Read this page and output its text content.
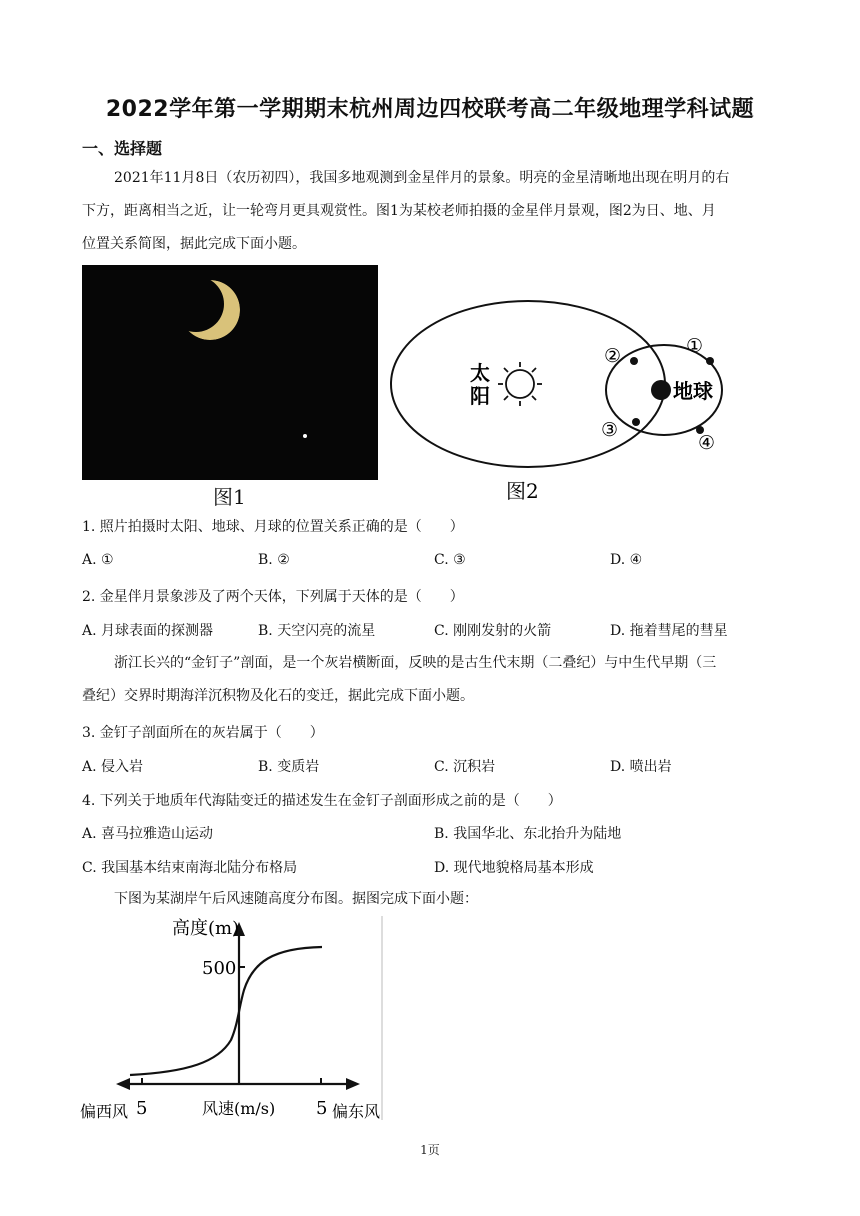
2022学年第一学期期末杭州周边四校联考高二年级地理学科试题
一、选择题
2021年11月8日（农历初四），我国多地观测到金星伴月的景象。明亮的金星清晰地出现在明月的右
下方，距离相当之近，让一轮弯月更具观赏性。图1为某校老师拍摄的金星伴月景观，图2为日、地、月
位置关系简图，据此完成下面小题。
图1
太
阳	地球
①
②
③
④
图2
1. 照片拍摄时太阳、地球、月球的位置关系正确的是（　　）
A. ①	B. ②	C. ③	D. ④
2. 金星伴月景象涉及了两个天体，下列属于天体的是（　　）
A. 月球表面的探测器	B. 天空闪亮的流星	C. 刚刚发射的火箭	D. 拖着彗尾的彗星
浙江长兴的“金钉子”剖面，是一个灰岩横断面，反映的是古生代末期（二叠纪）与中生代早期（三
叠纪）交界时期海洋沉积物及化石的变迁，据此完成下面小题。
3. 金钉子剖面所在的灰岩属于（　　）
A. 侵入岩	B. 变质岩	C. 沉积岩	D. 喷出岩
4. 下列关于地质年代海陆变迁的描述发生在金钉子剖面形成之前的是（　　）
A. 喜马拉雅造山运动	B. 我国华北、东北抬升为陆地
C. 我国基本结束南海北陆分布格局	D. 现代地貌格局基本形成
下图为某湖岸午后风速随高度分布图。据图完成下面小题：
高度(m)
500
5	5
风速(m/s)
偏西风	偏东风
1页
